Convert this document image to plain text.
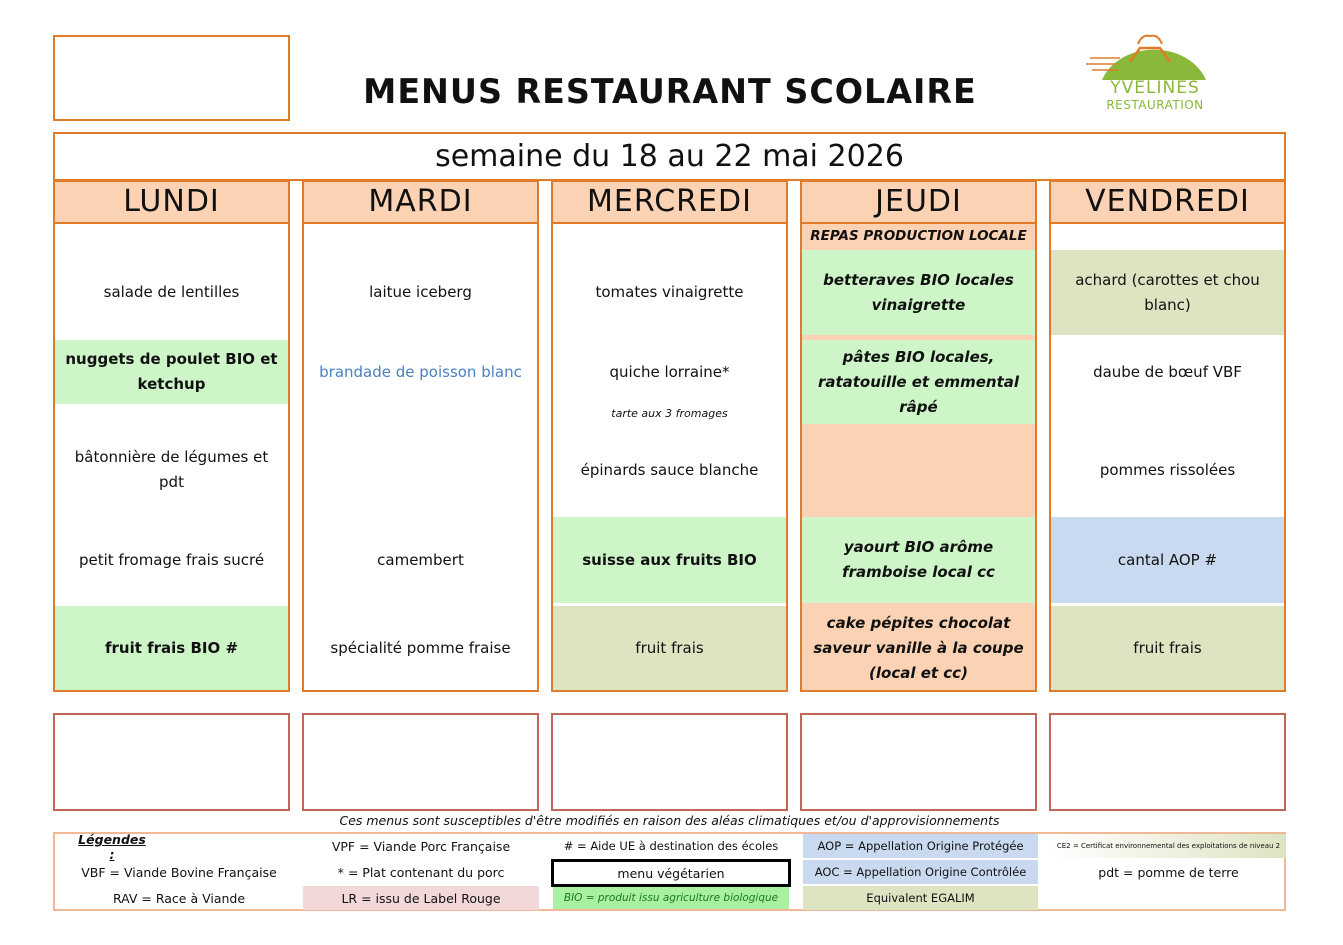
MENUS RESTAURANT SCOLAIRE	YVELINES
RESTAURATION
semaine du 18 au 22 mai 2026
LUNDI
salade de lentilles
nuggets de poulet BIO et ketchup
bâtonnière de légumes et pdt
petit fromage frais sucré
fruit frais BIO #
MARDI
laitue iceberg
brandade de poisson blanc
camembert
spécialité pomme fraise
MERCREDI
tomates vinaigrette
quiche lorraine*
tarte aux 3 fromages
épinards sauce blanche
suisse aux fruits BIO
fruit frais
JEUDI
REPAS PRODUCTION LOCALE
betteraves BIO locales vinaigrette
pâtes BIO locales, ratatouille et emmental râpé
yaourt BIO arôme framboise local cc
cake pépites chocolat saveur vanille à la coupe (local et cc)
VENDREDI
achard (carottes et chou blanc)
daube de bœuf VBF
pommes rissolées
cantal AOP #
fruit frais
Ces menus sont susceptibles d'être modifiés en raison des aléas climatiques et/ou d'approvisionnements
Légendes :
VBF = Viande Bovine Française
RAV = Race à Viande
VPF = Viande Porc Française
* = Plat contenant du porc
LR = issu de Label Rouge
# = Aide UE à destination des écoles
menu végétarien
BIO = produit issu agriculture biologique
AOP = Appellation Origine Protégée
AOC = Appellation Origine Contrôlée
Equivalent EGALIM
CE2 = Certificat environnemental des exploitations de niveau 2
pdt = pomme de terre
